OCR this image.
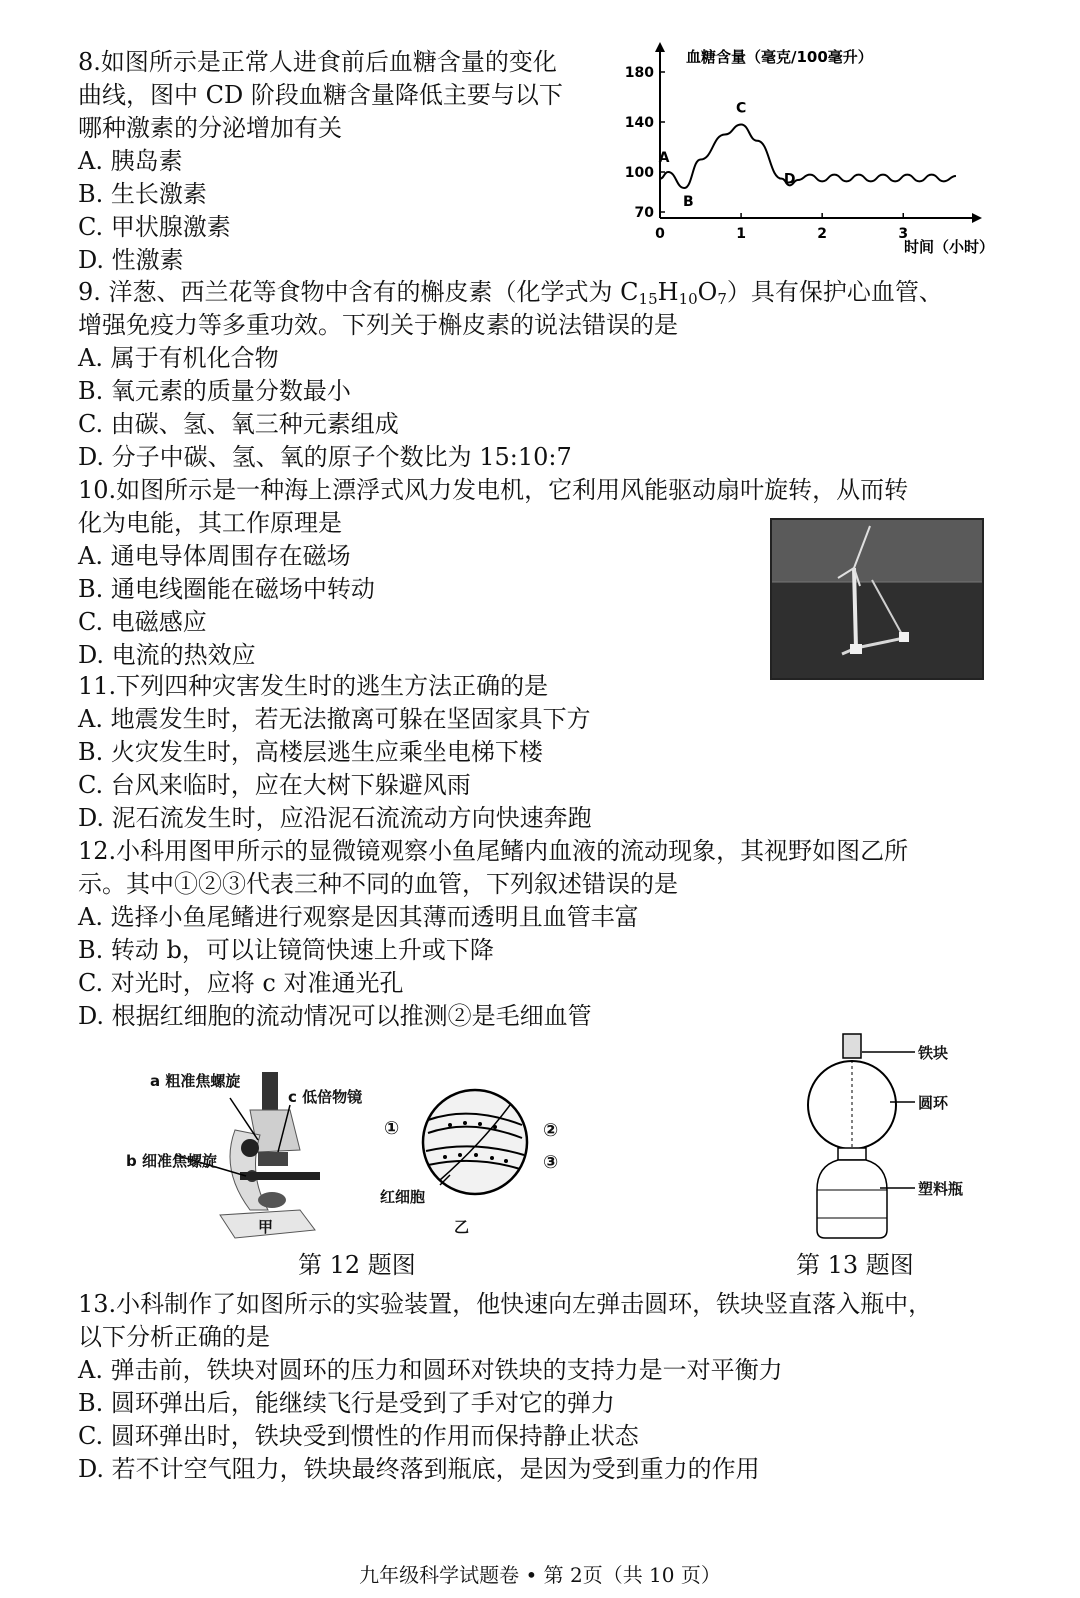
8.如图所示是正常人进食前后血糖含量的变化
曲线，图中 CD 阶段血糖含量降低主要与以下
哪种激素的分泌增加有关
A. 胰岛素
B. 生长激素
C. 甲状腺激素
D. 性激素
180
140
100
70
0	1	2	3
A
B
C
D
血糖含量（毫克/100毫升）
时间（小时）
9. 洋葱、西兰花等食物中含有的槲皮素（化学式为 $C_{15}H_{10}O_7$）具有保护心血管、
增强免疫力等多重功效。下列关于槲皮素的说法错误的是
A. 属于有机化合物
B. 氧元素的质量分数最小
C. 由碳、氢、氧三种元素组成
D. 分子中碳、氢、氧的原子个数比为 15:10:7
10.如图所示是一种海上漂浮式风力发电机，它利用风能驱动扇叶旋转，从而转
化为电能，其工作原理是
A. 通电导体周围存在磁场
B. 通电线圈能在磁场中转动
C. 电磁感应
D. 电流的热效应
11.下列四种灾害发生时的逃生方法正确的是
A. 地震发生时，若无法撤离可躲在坚固家具下方
B. 火灾发生时，高楼层逃生应乘坐电梯下楼
C. 台风来临时，应在大树下躲避风雨
D. 泥石流发生时，应沿泥石流流动方向快速奔跑
12.小科用图甲所示的显微镜观察小鱼尾鳍内血液的流动现象，其视野如图乙所
示。其中①②③代表三种不同的血管，下列叙述错误的是
A. 选择小鱼尾鳍进行观察是因其薄而透明且血管丰富
B. 转动 b，可以让镜筒快速上升或下降
C. 对光时，应将 c 对准通光孔
D. 根据红细胞的流动情况可以推测②是毛细血管
a 粗准焦螺旋
c 低倍物镜
b 细准焦螺旋
甲
①	②
③
红细胞
乙
第 12 题图
铁块
圆环
塑料瓶
第 13 题图
13.小科制作了如图所示的实验装置，他快速向左弹击圆环，铁块竖直落入瓶中，
以下分析正确的是
A. 弹击前，铁块对圆环的压力和圆环对铁块的支持力是一对平衡力
B. 圆环弹出后，能继续飞行是受到了手对它的弹力
C. 圆环弹出时，铁块受到惯性的作用而保持静止状态
D. 若不计空气阻力，铁块最终落到瓶底，是因为受到重力的作用
九年级科学试题卷 • 第 2页（共 10 页）
